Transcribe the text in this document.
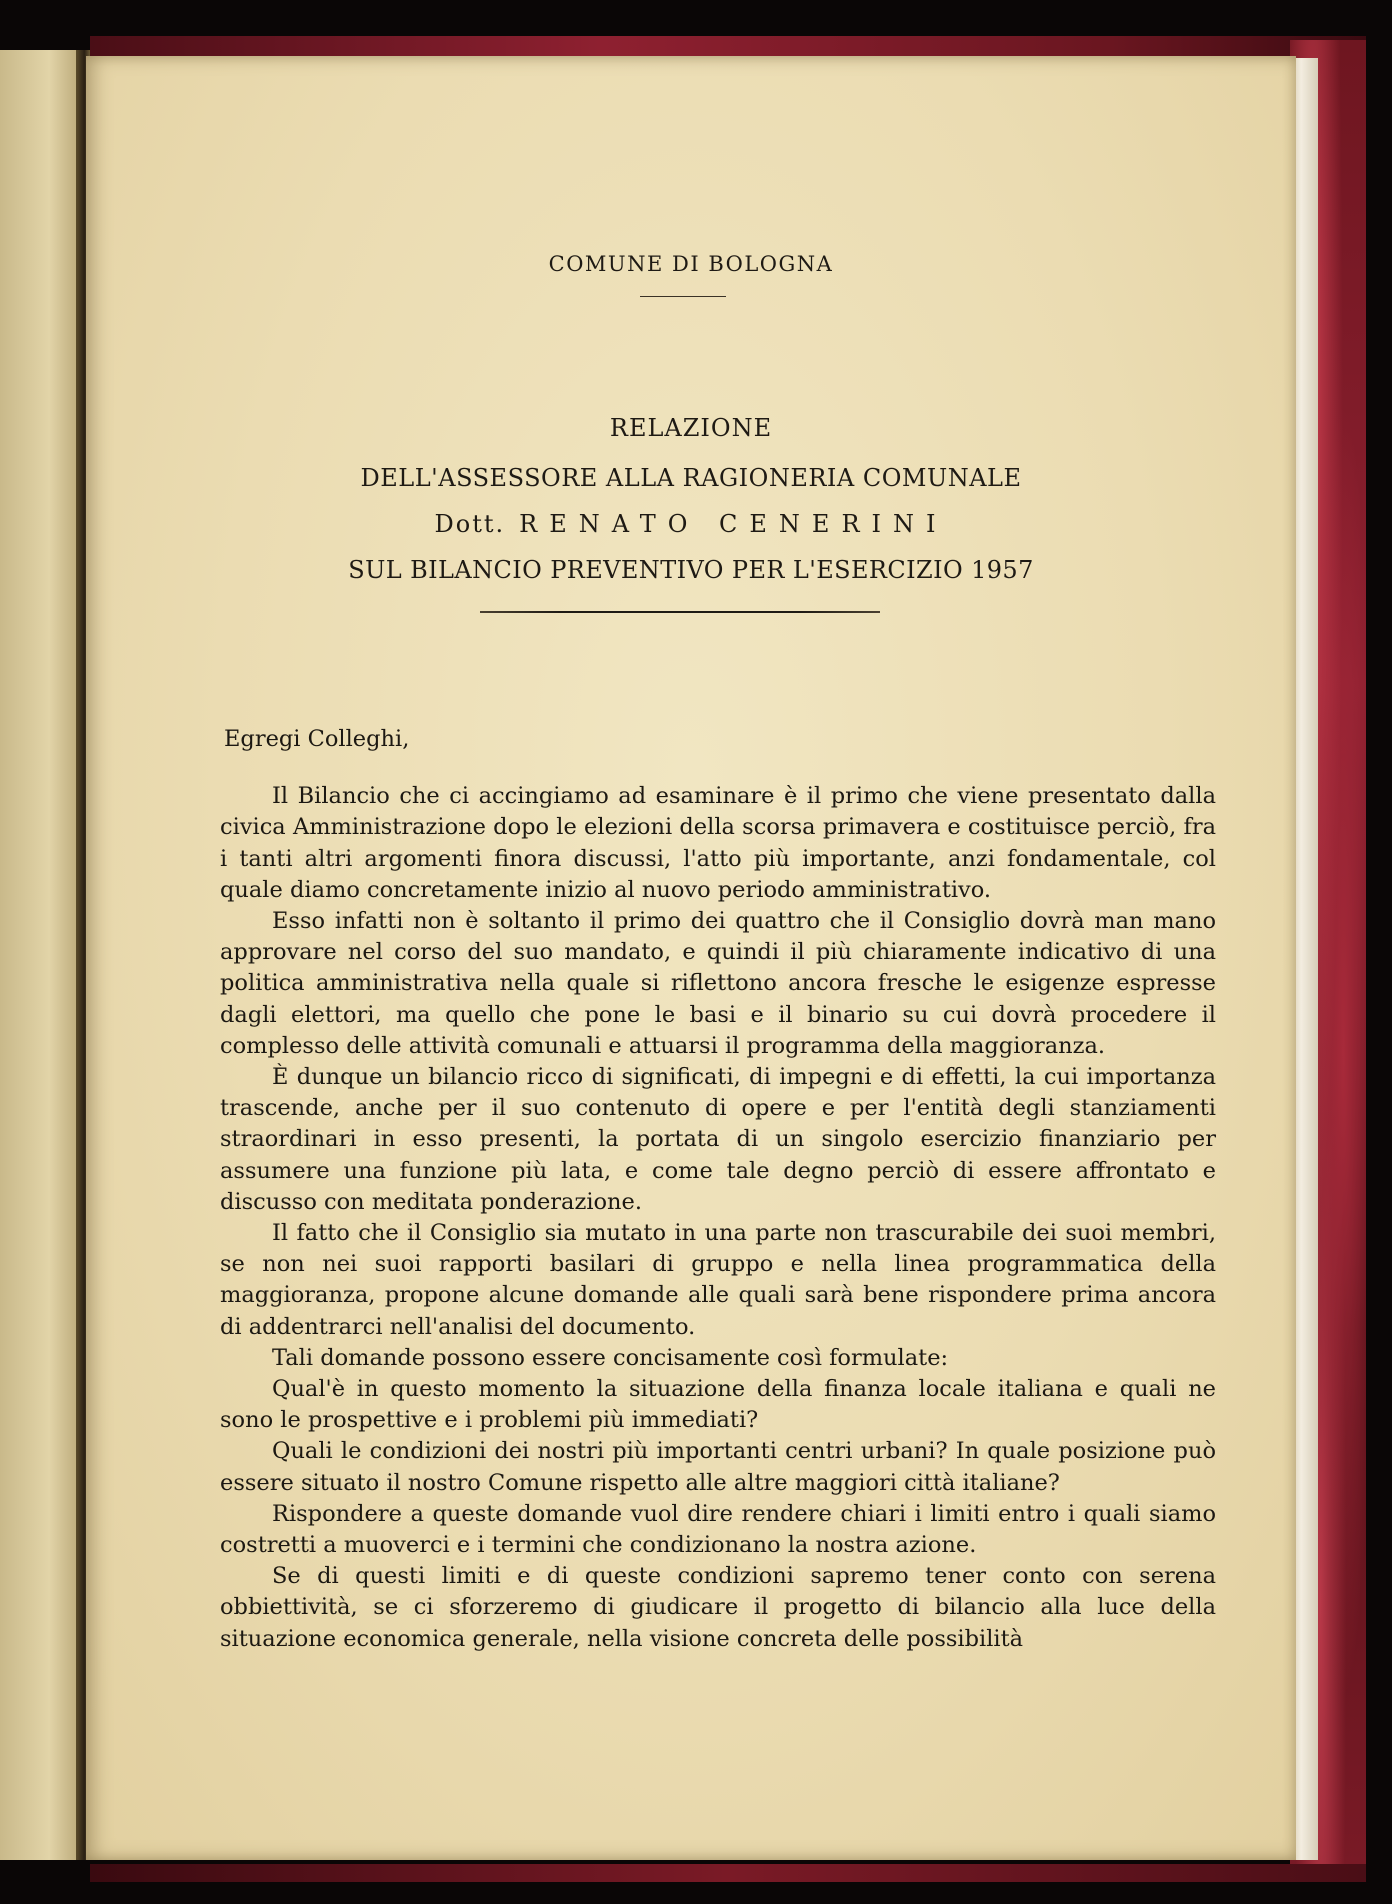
COMUNE DI BOLOGNA
RELAZIONE
DELL'ASSESSORE ALLA RAGIONERIA COMUNALE
Dott. RENATO CENERINI
SUL BILANCIO PREVENTIVO PER L'ESERCIZIO 1957

Egregi Colleghi,

Il Bilancio che ci accingiamo ad esaminare è il primo che viene presentato dalla civica Amministrazione dopo le elezioni della scorsa primavera e costituisce perciò, fra i tanti altri argomenti finora discussi, l'atto più importante, anzi fondamentale, col quale diamo concretamente inizio al nuovo periodo amministrativo.

Esso infatti non è soltanto il primo dei quattro che il Consiglio dovrà man mano approvare nel corso del suo mandato, e quindi il più chiaramente indicativo di una politica amministrativa nella quale si riflettono ancora fresche le esigenze espresse dagli elettori, ma quello che pone le basi e il binario su cui dovrà procedere il complesso delle attività comunali e attuarsi il programma della maggioranza.

È dunque un bilancio ricco di significati, di impegni e di effetti, la cui importanza trascende, anche per il suo contenuto di opere e per l'entità degli stanziamenti straordinari in esso presenti, la portata di un singolo esercizio finanziario per assumere una funzione più lata, e come tale degno perciò di essere affrontato e discusso con meditata ponderazione.

Il fatto che il Consiglio sia mutato in una parte non trascurabile dei suoi membri, se non nei suoi rapporti basilari di gruppo e nella linea programmatica della maggioranza, propone alcune domande alle quali sarà bene rispondere prima ancora di addentrarci nell'analisi del documento.

Tali domande possono essere concisamente così formulate:

Qual'è in questo momento la situazione della finanza locale italiana e quali ne sono le prospettive e i problemi più immediati?

Quali le condizioni dei nostri più importanti centri urbani? In quale posizione può essere situato il nostro Comune rispetto alle altre maggiori città italiane?

Rispondere a queste domande vuol dire rendere chiari i limiti entro i quali siamo costretti a muoverci e i termini che condizionano la nostra azione.

Se di questi limiti e di queste condizioni sapremo tener conto con serena obbiettività, se ci sforzeremo di giudicare il progetto di bilancio alla luce della situazione economica generale, nella visione concreta delle possibilità
